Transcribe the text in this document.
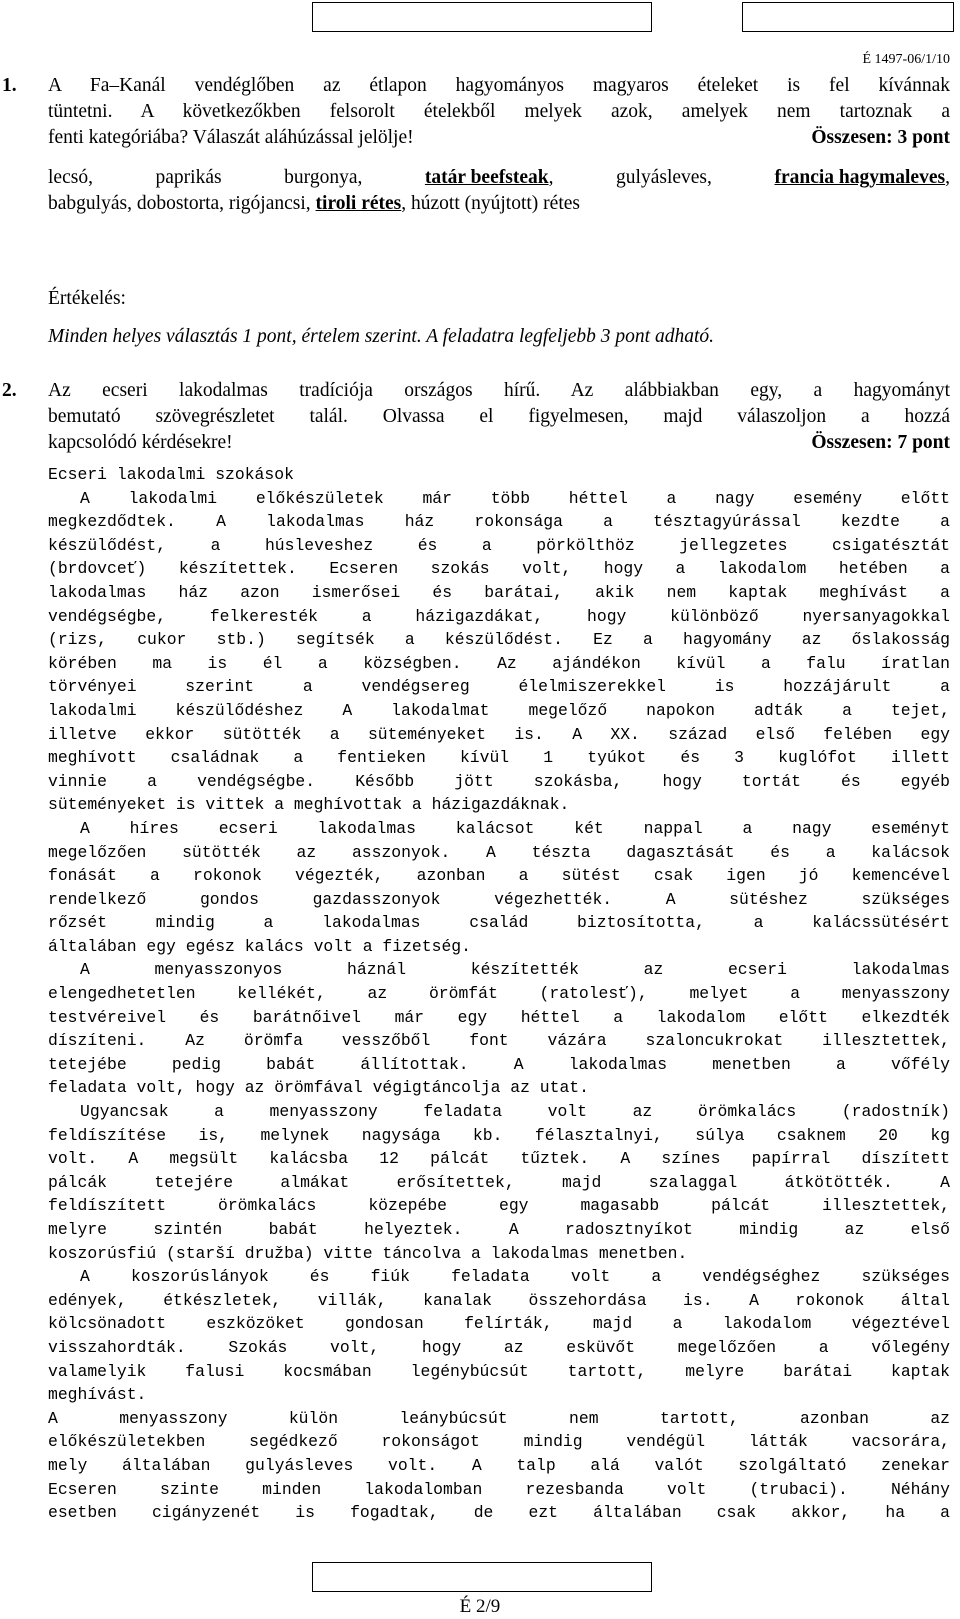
É 1497-06/1/10
1. A Fa–Kanál vendéglőben az étlapon hagyományos magyaros ételeket is fel kívánnak
tüntetni. A következőkben felsorolt ételekből melyek azok, amelyek nem tartoznak a
fenti kategóriába? Válaszát aláhúzással jelölje!	Összesen: 3 pont
lecsó,	paprikás	burgonya,	tatár beefsteak,	gulyásleves,	francia hagymaleves,
babgulyás, dobostorta, rigójancsi, tiroli rétes, húzott (nyújtott) rétes
Értékelés:
Minden helyes választás 1 pont, értelem szerint. A feladatra legfeljebb 3 pont adható.
2. Az ecseri lakodalmas tradíciója országos hírű. Az alábbiakban egy, a hagyományt
bemutató szövegrészletet talál. Olvassa el figyelmesen, majd válaszoljon a hozzá
kapcsolódó kérdésekre!	Összesen: 7 pont
Ecseri lakodalmi szokások
A lakodalmi előkészületek már több héttel a nagy esemény előtt
megkezdődtek. A lakodalmas ház rokonsága a tésztagyúrással kezdte a
készülődést, a húsleveshez és a pörkölthöz jellegzetes csigatésztát
(brdovceť) készítettek. Ecseren szokás volt, hogy a lakodalom hetében a
lakodalmas ház azon ismerősei és barátai, akik nem kaptak meghívást a
vendégségbe, felkeresték a házigazdákat, hogy különböző nyersanyagokkal
(rizs, cukor stb.) segítsék a készülődést. Ez a hagyomány az őslakosság
körében ma is él a községben. Az ajándékon kívül a falu íratlan
törvényei szerint a vendégsereg élelmiszerekkel is hozzájárult a
lakodalmi készülődéshez A lakodalmat megelőző napokon adták a tejet,
illetve ekkor sütötték a süteményeket is. A XX. század első felében egy
meghívott családnak a fentieken kívül 1 tyúkot és 3 kuglófot illett
vinnie a vendégségbe. Később jött szokásba, hogy tortát és egyéb
süteményeket is vittek a meghívottak a házigazdáknak.
A híres ecseri lakodalmas kalácsot két nappal a nagy eseményt
megelőzően sütötték az asszonyok. A tészta dagasztását és a kalácsok
fonását a rokonok végezték, azonban a sütést csak igen jó kemencével
rendelkező gondos gazdasszonyok végezhették. A sütéshez szükséges
rőzsét mindig a lakodalmas család biztosította, a kalácssütésért
általában egy egész kalács volt a fizetség.
A menyasszonyos háznál készítették az ecseri lakodalmas
elengedhetetlen kellékét, az örömfát (ratolesť), melyet a menyasszony
testvéreivel és barátnőivel már egy héttel a lakodalom előtt elkezdték
díszíteni. Az örömfa vesszőből font vázára szaloncukrokat illesztettek,
tetejébe pedig babát állítottak. A lakodalmas menetben a vőfély
feladata volt, hogy az örömfával végigtáncolja az utat.
Ugyancsak a menyasszony feladata volt az örömkalács (radostník)
feldíszítése is, melynek nagysága kb. félasztalnyi, súlya csaknem 20 kg
volt. A megsült kalácsba 12 pálcát tűztek. A színes papírral díszített
pálcák tetejére almákat erősítettek, majd szalaggal átkötötték. A
feldíszített örömkalács közepébe egy magasabb pálcát illesztettek,
melyre szintén babát helyeztek. A radosztnyíkot mindig az első
koszorúsfiú (starší družba) vitte táncolva a lakodalmas menetben.
A koszorúslányok és fiúk feladata volt a vendégséghez szükséges
edények, étkészletek, villák, kanalak összehordása is. A rokonok által
kölcsönadott eszközöket gondosan felírták, majd a lakodalom végeztével
visszahordták. Szokás volt, hogy az esküvőt megelőzően a vőlegény
valamelyik falusi kocsmában legénybúcsút tartott, melyre barátai kaptak
meghívást.
A menyasszony külön leánybúcsút nem tartott, azonban az
előkészületekben segédkező rokonságot mindig vendégül látták vacsorára,
mely általában gulyásleves volt. A talp alá valót szolgáltató zenekar
Ecseren szinte minden lakodalomban rezesbanda volt (trubaci). Néhány
esetben cigányzenét is fogadtak, de ezt általában csak akkor, ha a
É 2/9
